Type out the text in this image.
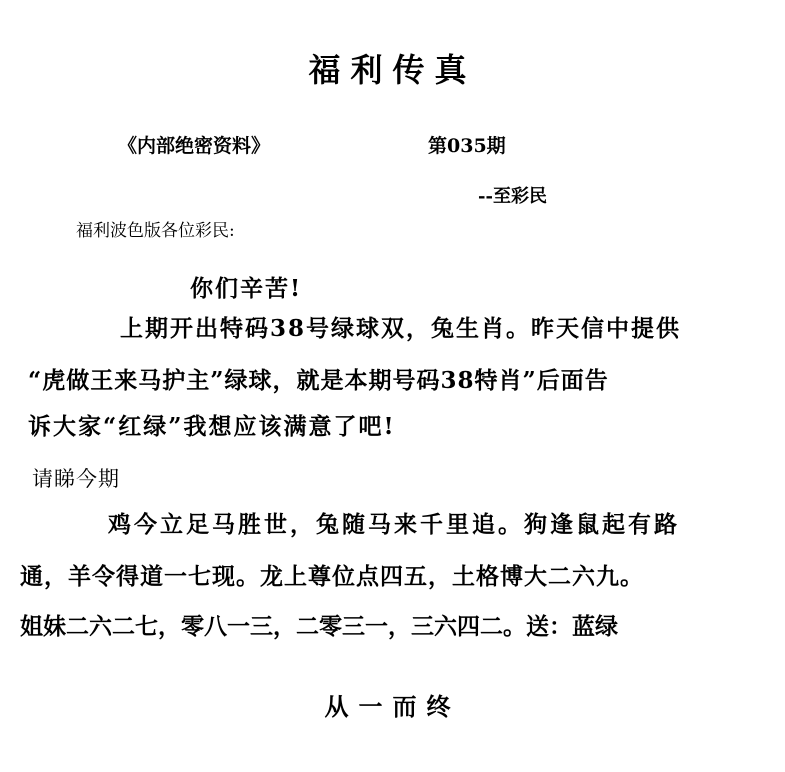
福利传真
《内部绝密资料》	第035期
--至彩民
福利波色版各位彩民:
你们辛苦!
上期开出特码38号绿球双，兔生肖。昨天信中提供
“虎做王来马护主”绿球，就是本期号码38特肖”后面告
诉大家“红绿”我想应该满意了吧!
请睇今期
鸡今立足马胜世，兔随马来千里追。狗逢鼠起有路
通，羊令得道一七现。龙上尊位点四五，土格博大二六九。
姐妹二六二七，零八一三，二零三一，三六四二。送：蓝绿
从一而终
